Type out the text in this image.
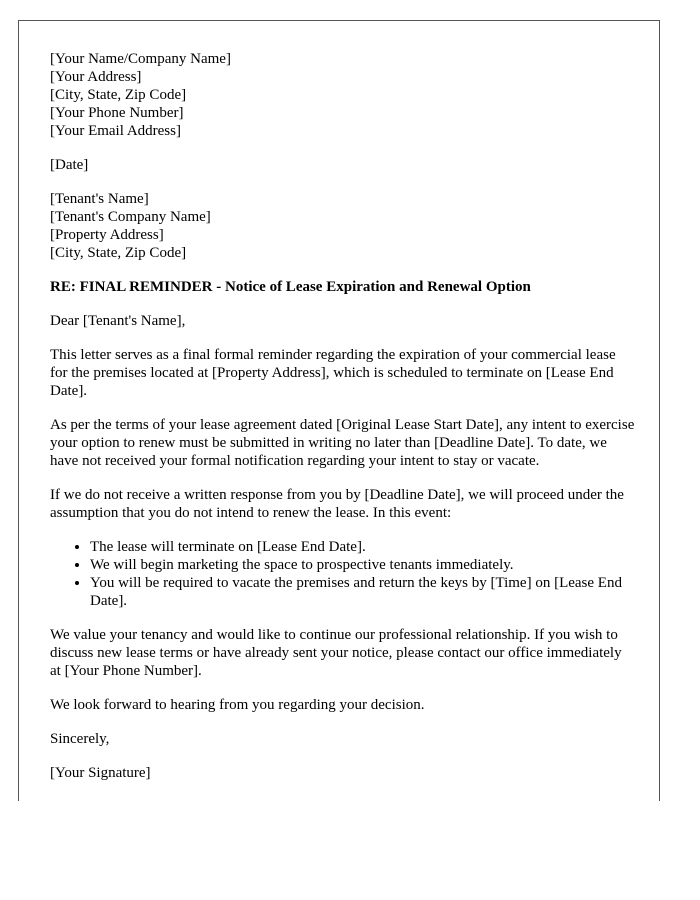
[Your Name/Company Name]
[Your Address]
[City, State, Zip Code]
[Your Phone Number]
[Your Email Address]
[Date]
[Tenant's Name]
[Tenant's Company Name]
[Property Address]
[City, State, Zip Code]

RE: FINAL REMINDER - Notice of Lease Expiration and Renewal Option

Dear [Tenant's Name],

This letter serves as a final formal reminder regarding the expiration of your commercial lease for the premises located at [Property Address], which is scheduled to terminate on [Lease End Date].

As per the terms of your lease agreement dated [Original Lease Start Date], any intent to exercise your option to renew must be submitted in writing no later than [Deadline Date]. To date, we have not received your formal notification regarding your intent to stay or vacate.

If we do not receive a written response from you by [Deadline Date], we will proceed under the assumption that you do not intend to renew the lease. In this event:

• The lease will terminate on [Lease End Date].
• We will begin marketing the space to prospective tenants immediately.
• You will be required to vacate the premises and return the keys by [Time] on [Lease End Date].

We value your tenancy and would like to continue our professional relationship. If you wish to discuss new lease terms or have already sent your notice, please contact our office immediately at [Your Phone Number].

We look forward to hearing from you regarding your decision.

Sincerely,

[Your Signature]
